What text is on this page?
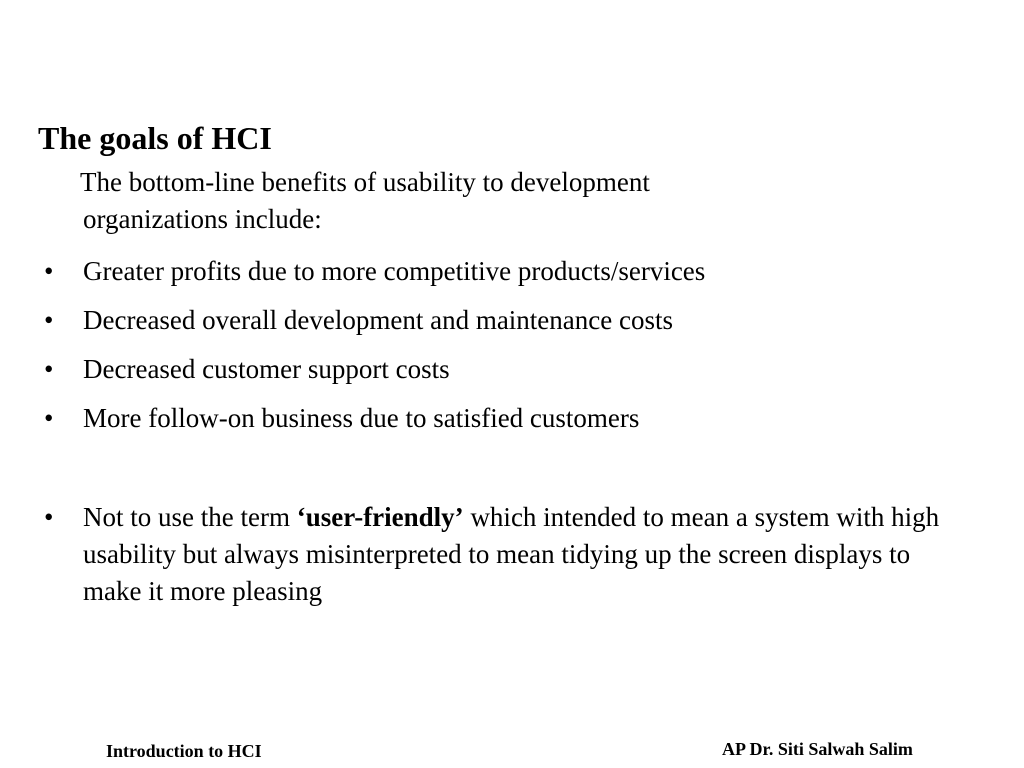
The goals of HCI
The bottom-line benefits of usability to development
organizations include:
• Greater profits due to more competitive products/services
• Decreased overall development and maintenance costs
• Decreased customer support costs
• More follow-on business due to satisfied customers
• Not to use the term ‘user-friendly’ which intended to mean a system with high usability but always misinterpreted to mean tidying up the screen displays to make it more pleasing
Introduction to HCI	AP Dr. Siti Salwah Salim
